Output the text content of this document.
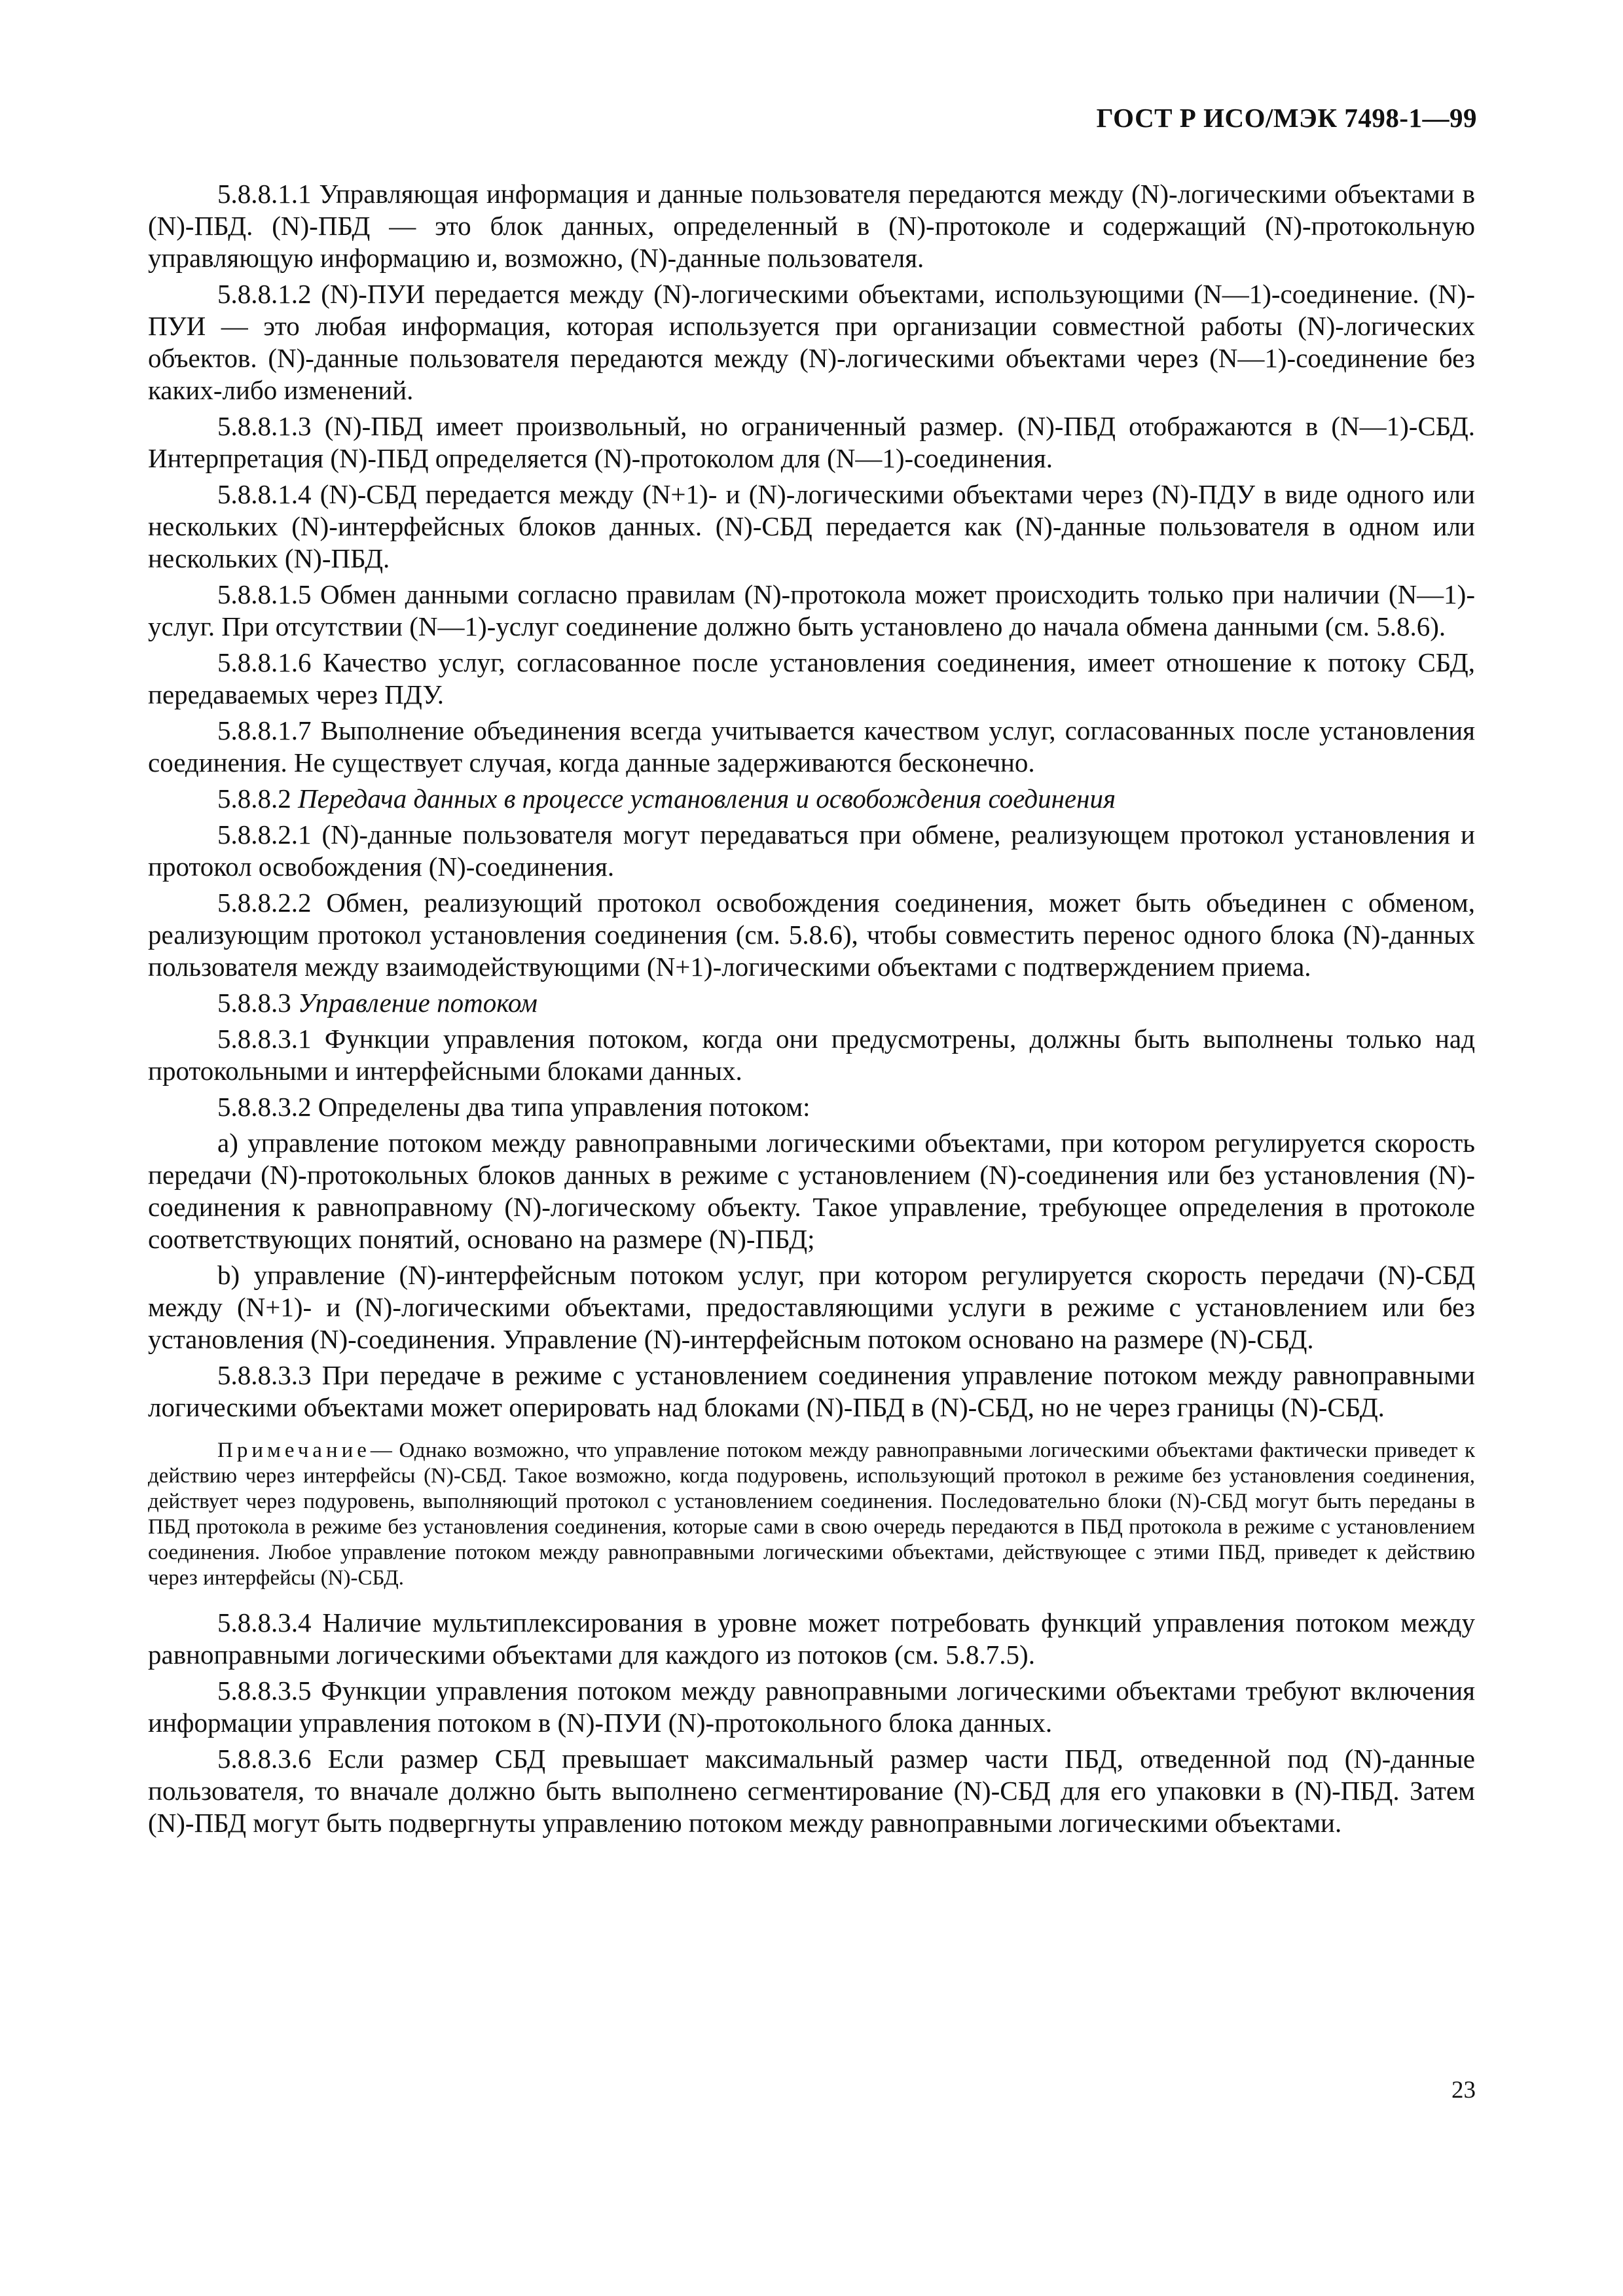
ГОСТ Р ИСО/МЭК 7498-1—99

5.8.8.1.1 Управляющая информация и данные пользователя передаются между (N)-логическими объектами в (N)-ПБД. (N)-ПБД — это блок данных, определенный в (N)-протоколе и содержащий (N)-протокольную управляющую информацию и, возможно, (N)-данные пользователя.

5.8.8.1.2 (N)-ПУИ передается между (N)-логическими объектами, использующими (N—1)-соединение. (N)-ПУИ — это любая информация, которая используется при организации совместной работы (N)-логических объектов. (N)-данные пользователя передаются между (N)-логическими объектами через (N—1)-соединение без каких-либо изменений.

5.8.8.1.3 (N)-ПБД имеет произвольный, но ограниченный размер. (N)-ПБД отображаются в (N—1)-СБД. Интерпретация (N)-ПБД определяется (N)-протоколом для (N—1)-соединения.

5.8.8.1.4 (N)-СБД передается между (N+1)- и (N)-логическими объектами через (N)-ПДУ в виде одного или нескольких (N)-интерфейсных блоков данных. (N)-СБД передается как (N)-данные пользователя в одном или нескольких (N)-ПБД.

5.8.8.1.5 Обмен данными согласно правилам (N)-протокола может происходить только при наличии (N—1)-услуг. При отсутствии (N—1)-услуг соединение должно быть установлено до начала обмена данными (см. 5.8.6).

5.8.8.1.6 Качество услуг, согласованное после установления соединения, имеет отношение к потоку СБД, передаваемых через ПДУ.

5.8.8.1.7 Выполнение объединения всегда учитывается качеством услуг, согласованных после установления соединения. Не существует случая, когда данные задерживаются бесконечно.

5.8.8.2 Передача данных в процессе установления и освобождения соединения

5.8.8.2.1 (N)-данные пользователя могут передаваться при обмене, реализующем протокол установления и протокол освобождения (N)-соединения.

5.8.8.2.2 Обмен, реализующий протокол освобождения соединения, может быть объединен с обменом, реализующим протокол установления соединения (см. 5.8.6), чтобы совместить перенос одного блока (N)-данных пользователя между взаимодействующими (N+1)-логическими объектами с подтверждением приема.

5.8.8.3 Управление потоком

5.8.8.3.1 Функции управления потоком, когда они предусмотрены, должны быть выполнены только над протокольными и интерфейсными блоками данных.

5.8.8.3.2 Определены два типа управления потоком:

а) управление потоком между равноправными логическими объектами, при котором регулируется скорость передачи (N)-протокольных блоков данных в режиме с установлением (N)-соединения или без установления (N)-соединения к равноправному (N)-логическому объекту. Такое управление, требующее определения в протоколе соответствующих понятий, основано на размере (N)-ПБД;

b) управление (N)-интерфейсным потоком услуг, при котором регулируется скорость передачи (N)-СБД между (N+1)- и (N)-логическими объектами, предоставляющими услуги в режиме с установлением или без установления (N)-соединения. Управление (N)-интерфейсным потоком основано на размере (N)-СБД.

5.8.8.3.3 При передаче в режиме с установлением соединения управление потоком между равноправными логическими объектами может оперировать над блоками (N)-ПБД в (N)-СБД, но не через границы (N)-СБД.

Примечание— Однако возможно, что управление потоком между равноправными логическими объектами фактически приведет к действию через интерфейсы (N)-СБД. Такое возможно, когда подуровень, использующий протокол в режиме без установления соединения, действует через подуровень, выполняющий протокол с установлением соединения. Последовательно блоки (N)-СБД могут быть переданы в ПБД протокола в режиме без установления соединения, которые сами в свою очередь передаются в ПБД протокола в режиме с установлением соединения. Любое управление потоком между равноправными логическими объектами, действующее с этими ПБД, приведет к действию через интерфейсы (N)-СБД.

5.8.8.3.4 Наличие мультиплексирования в уровне может потребовать функций управления потоком между равноправными логическими объектами для каждого из потоков (см. 5.8.7.5).

5.8.8.3.5 Функции управления потоком между равноправными логическими объектами требуют включения информации управления потоком в (N)-ПУИ (N)-протокольного блока данных.

5.8.8.3.6 Если размер СБД превышает максимальный размер части ПБД, отведенной под (N)-данные пользователя, то вначале должно быть выполнено сегментирование (N)-СБД для его упаковки в (N)-ПБД. Затем (N)-ПБД могут быть подвергнуты управлению потоком между равноправными логическими объектами.

23
